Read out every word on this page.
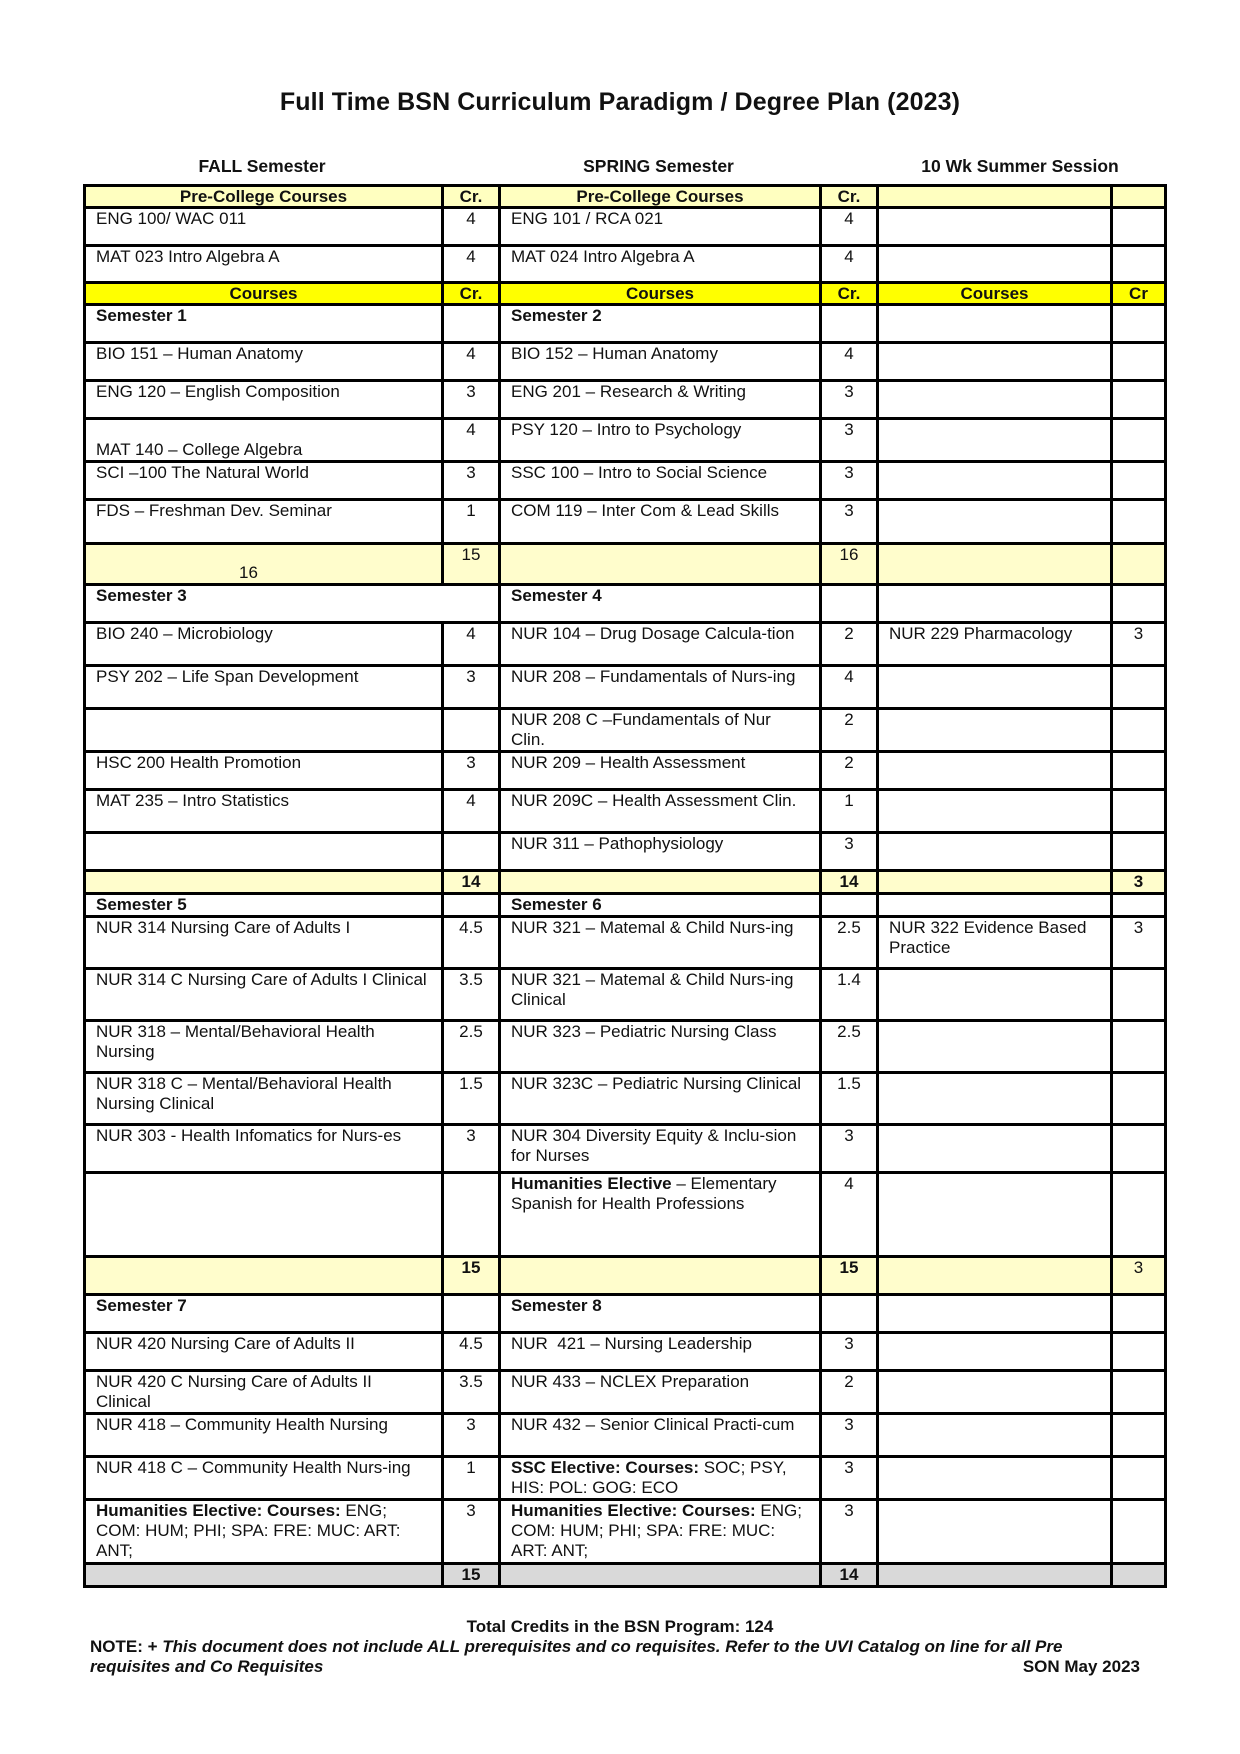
Full Time BSN Curriculum Paradigm / Degree Plan (2023)
FALL Semester	SPRING Semester	10 Wk Summer Session
Pre-College Courses	Cr.	Pre-College Courses	Cr.		
ENG 100/ WAC 011	4	ENG 101 / RCA 021	4		
MAT 023 Intro Algebra A	4	MAT 024 Intro Algebra A	4		
Courses	Cr.	Courses	Cr.	Courses	Cr
Semester 1		Semester 2			
BIO 151 – Human Anatomy	4	BIO 152 – Human Anatomy	4		
ENG 120 – English Composition	3	ENG 201 – Research & Writing	3		
MAT 140 – College Algebra	4	PSY 120 – Intro to Psychology	3		
SCI –100 The Natural World	3	SSC 100 – Intro to Social Science	3		
FDS – Freshman Dev. Seminar	1	COM 119 – Inter Com & Lead Skills	3		
16	15		16		
Semester 3		Semester 4			
BIO 240 – Microbiology	4	NUR 104 – Drug Dosage Calcula-tion	2	NUR 229 Pharmacology	3
PSY 202 – Life Span Development	3	NUR 208 – Fundamentals of Nurs-ing	4		
		NUR 208 C –Fundamentals of Nur Clin.	2		
HSC 200 Health Promotion	3	NUR 209 – Health Assessment	2		
MAT 235 – Intro Statistics	4	NUR 209C – Health Assessment Clin.	1		
		NUR 311 – Pathophysiology	3		
	14		14		3
Semester 5		Semester 6			
NUR 314 Nursing Care of Adults I	4.5	NUR 321 – Matemal & Child Nurs-ing	2.5	NUR 322 Evidence Based Practice	3
NUR 314 C Nursing Care of Adults I Clinical	3.5	NUR 321 – Matemal & Child Nurs-ing Clinical	1.4		
NUR 318 – Mental/Behavioral Health Nursing	2.5	NUR 323 – Pediatric Nursing Class	2.5		
NUR 318 C – Mental/Behavioral Health Nursing Clinical	1.5	NUR 323C – Pediatric Nursing Clinical	1.5		
NUR 303 - Health Infomatics for Nurs-es	3	NUR 304 Diversity Equity & Inclu-sion for Nurses	3		
		Humanities Elective – Elementary Spanish for Health Professions	4		
	15		15		3
Semester 7		Semester 8			
NUR 420 Nursing Care of Adults II	4.5	NUR  421 – Nursing Leadership	3		
NUR 420 C Nursing Care of Adults II Clinical	3.5	NUR 433 – NCLEX Preparation	2		
NUR 418 – Community Health Nursing	3	NUR 432 – Senior Clinical Practi-cum	3		
NUR 418 C – Community Health Nurs-ing	1	SSC Elective: Courses: SOC; PSY, HIS: POL: GOG: ECO	3		
Humanities Elective: Courses: ENG; COM: HUM; PHI; SPA: FRE: MUC: ART: ANT;	3	Humanities Elective: Courses: ENG; COM: HUM; PHI; SPA: FRE: MUC: ART: ANT;	3		
	15		14		
Total Credits in the BSN Program: 124
NOTE: + This document does not include ALL prerequisites and co requisites. Refer to the UVI Catalog on line for all Pre requisites and Co Requisites	SON May 2023
